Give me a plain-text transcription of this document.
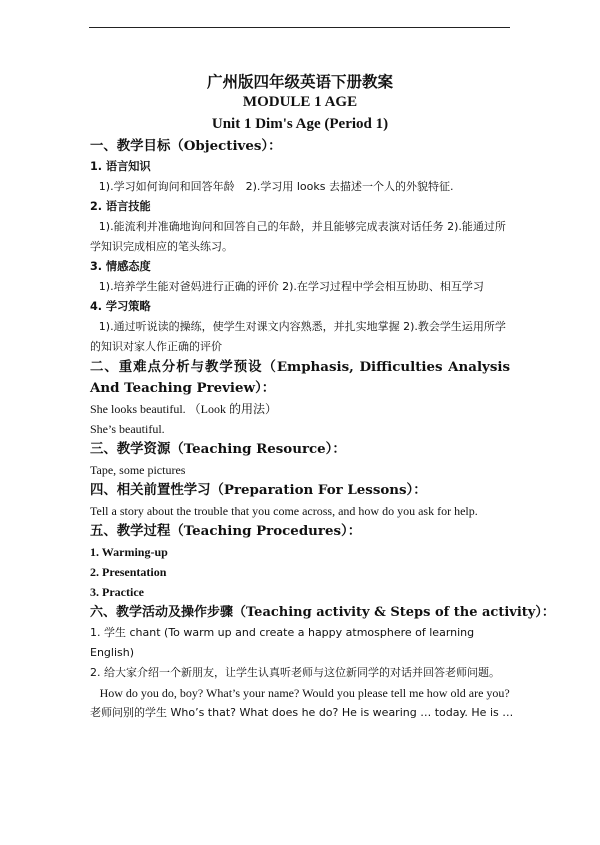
广州版四年级英语下册教案
MODULE 1 AGE
Unit 1 Dim's Age (Period 1)
一、教学目标（Objectives）：
1. 语言知识
1).学习如何询问和回答年龄　2).学习用 looks 去描述一个人的外貌特征.
2. 语言技能
1).能流利并准确地询问和回答自己的年龄，并且能够完成表演对话任务 2).能通过所学知识完成相应的笔头练习。
3. 情感态度
1).培养学生能对爸妈进行正确的评价 2).在学习过程中学会相互协助、相互学习
4. 学习策略
1).通过听说读的操练，使学生对课文内容熟悉，并扎实地掌握 2).教会学生运用所学的知识对家人作正确的评价
二、重难点分析与教学预设（Emphasis, Difficulties Analysis And Teaching Preview）：
She looks beautiful. （Look 的用法）
She’s beautiful.
三、教学资源（Teaching Resource）：
Tape, some pictures
四、相关前置性学习（Preparation For Lessons）：
Tell a story about the trouble that you come across, and how do you ask for help.
五、教学过程（Teaching Procedures）：
1. Warming-up
2. Presentation
3. Practice
六、教学活动及操作步骤（Teaching activity & Steps of the activity）：
1. 学生 chant (To warm up and create a happy atmosphere of learning English)
2. 给大家介绍一个新朋友，让学生认真听老师与这位新同学的对话并回答老师问题。
How do you do, boy? What’s your name? Would you please tell me how old are you?
老师问别的学生 Who’s that? What does he do? He is wearing … today. He is …
